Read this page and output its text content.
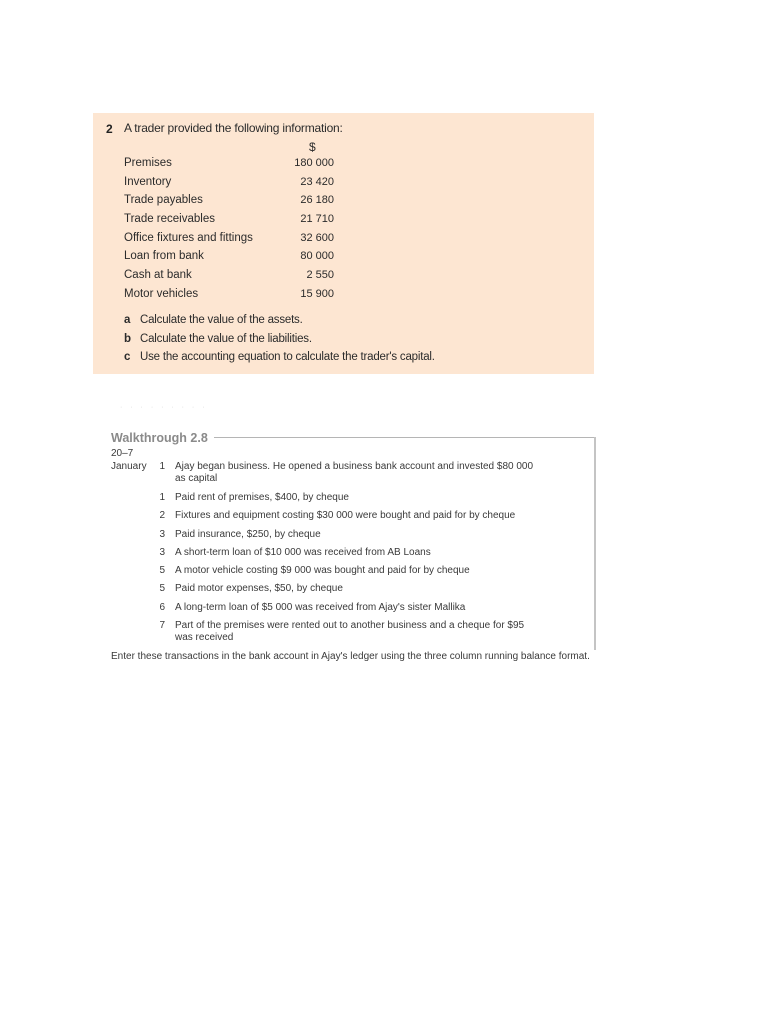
2 A trader provided the following information:
$
Premises	180 000
Inventory	23 420
Trade payables	26 180
Trade receivables	21 710
Office fixtures and fittings	32 600
Loan from bank	80 000
Cash at bank	2 550
Motor vehicles	15 900
a Calculate the value of the assets.
b Calculate the value of the liabilities.
c Use the accounting equation to calculate the trader's capital.
· · · · · · · · ·
Walkthrough 2.8
20–7
January	1 Ajay began business. He opened a business bank account and invested $80 000
as capital
1 Paid rent of premises, $400, by cheque
2 Fixtures and equipment costing $30 000 were bought and paid for by cheque
3 Paid insurance, $250, by cheque
3 A short-term loan of $10 000 was received from AB Loans
5 A motor vehicle costing $9 000 was bought and paid for by cheque
5 Paid motor expenses, $50, by cheque
6 A long-term loan of $5 000 was received from Ajay's sister Mallika
7 Part of the premises were rented out to another business and a cheque for $95
was received
Enter these transactions in the bank account in Ajay's ledger using the three column running balance format.
